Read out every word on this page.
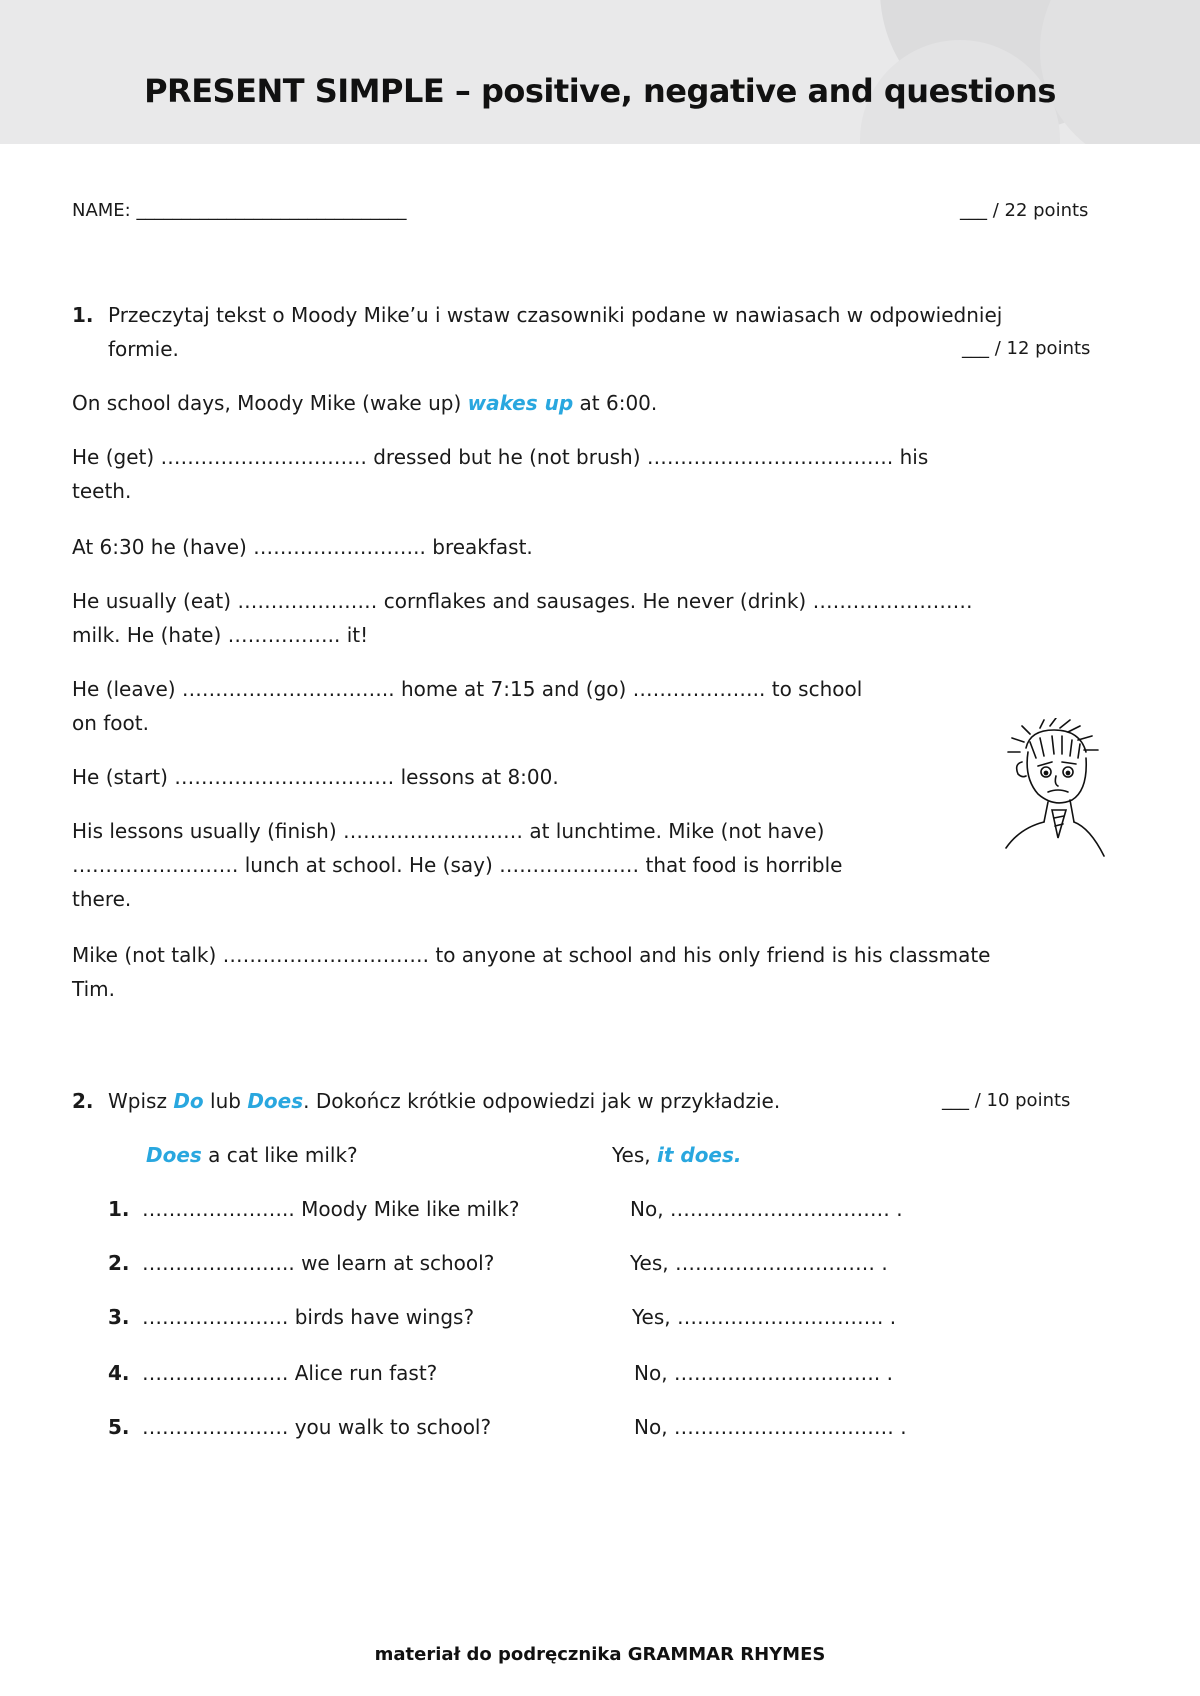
PRESENT SIMPLE – positive, negative and questions
NAME: ______________________________	___ / 22 points
1. Przeczytaj tekst o Moody Mike’u i wstaw czasowniki podane w nawiasach w odpowiedniej
formie.	___ / 12 points
On school days, Moody Mike (wake up) wakes up at 6:00.
He (get) …………………………. dressed but he (not brush) ………………………………. his
teeth.
At 6:30 he (have) …………………….. breakfast.
He usually (eat) ………………… cornflakes and sausages. He never (drink) ……………………
milk. He (hate) …………….. it!
He (leave) ………………………….. home at 7:15 and (go) ……………….. to school
on foot.
He (start) …………………………… lessons at 8:00.
His lessons usually (finish) ……………………… at lunchtime. Mike (not have)
……………………. lunch at school. He (say) ………………… that food is horrible
there.
Mike (not talk) …………………………. to anyone at school and his only friend is his classmate
Tim.
2. Wpisz Do lub Does. Dokończ krótkie odpowiedzi jak w przykładzie.	___ / 10 points
Does a cat like milk?	Yes, it does.
1. ………………….. Moody Mike like milk?	No, …………………………… .
2. ………………….. we learn at school?	Yes, ………………………… .
3. …………………. birds have wings?	Yes, …………………………. .
4. …………………. Alice run fast?	No, …………………………. .
5. …………………. you walk to school?	No, …………………………… .
materiał do podręcznika GRAMMAR RHYMES
